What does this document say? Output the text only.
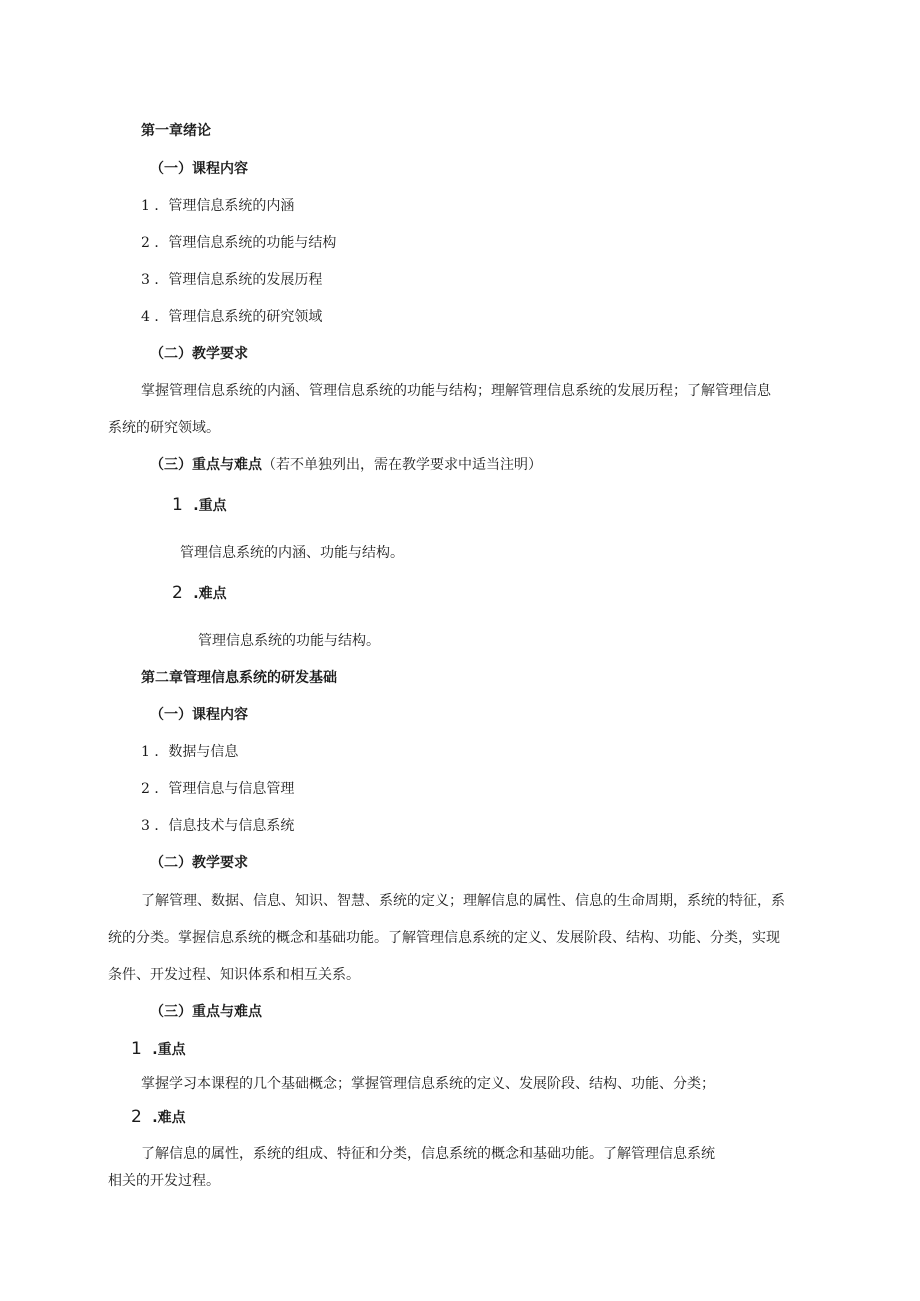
第一章绪论
（一）课程内容
1 ．管理信息系统的内涵
2 ．管理信息系统的功能与结构
3 ．管理信息系统的发展历程
4 ．管理信息系统的研究领域
（二）教学要求
掌握管理信息系统的内涵、管理信息系统的功能与结构；理解管理信息系统的发展历程；了解管理信息
系统的研究领域。
（三）重点与难点（若不单独列出，需在教学要求中适当注明）
1 .重点
管理信息系统的内涵、功能与结构。
2 .难点
管理信息系统的功能与结构。
第二章管理信息系统的研发基础
（一）课程内容
1 ．数据与信息
2 ．管理信息与信息管理
3 ．信息技术与信息系统
（二）教学要求
了解管理、数据、信息、知识、智慧、系统的定义；理解信息的属性、信息的生命周期，系统的特征，系
统的分类。掌握信息系统的概念和基础功能。了解管理信息系统的定义、发展阶段、结构、功能、分类，实现
条件、开发过程、知识体系和相互关系。
（三）重点与难点
1 .重点
掌握学习本课程的几个基础概念；掌握管理信息系统的定义、发展阶段、结构、功能、分类；
2 .难点
了解信息的属性，系统的组成、特征和分类，信息系统的概念和基础功能。了解管理信息系统
相关的开发过程。
